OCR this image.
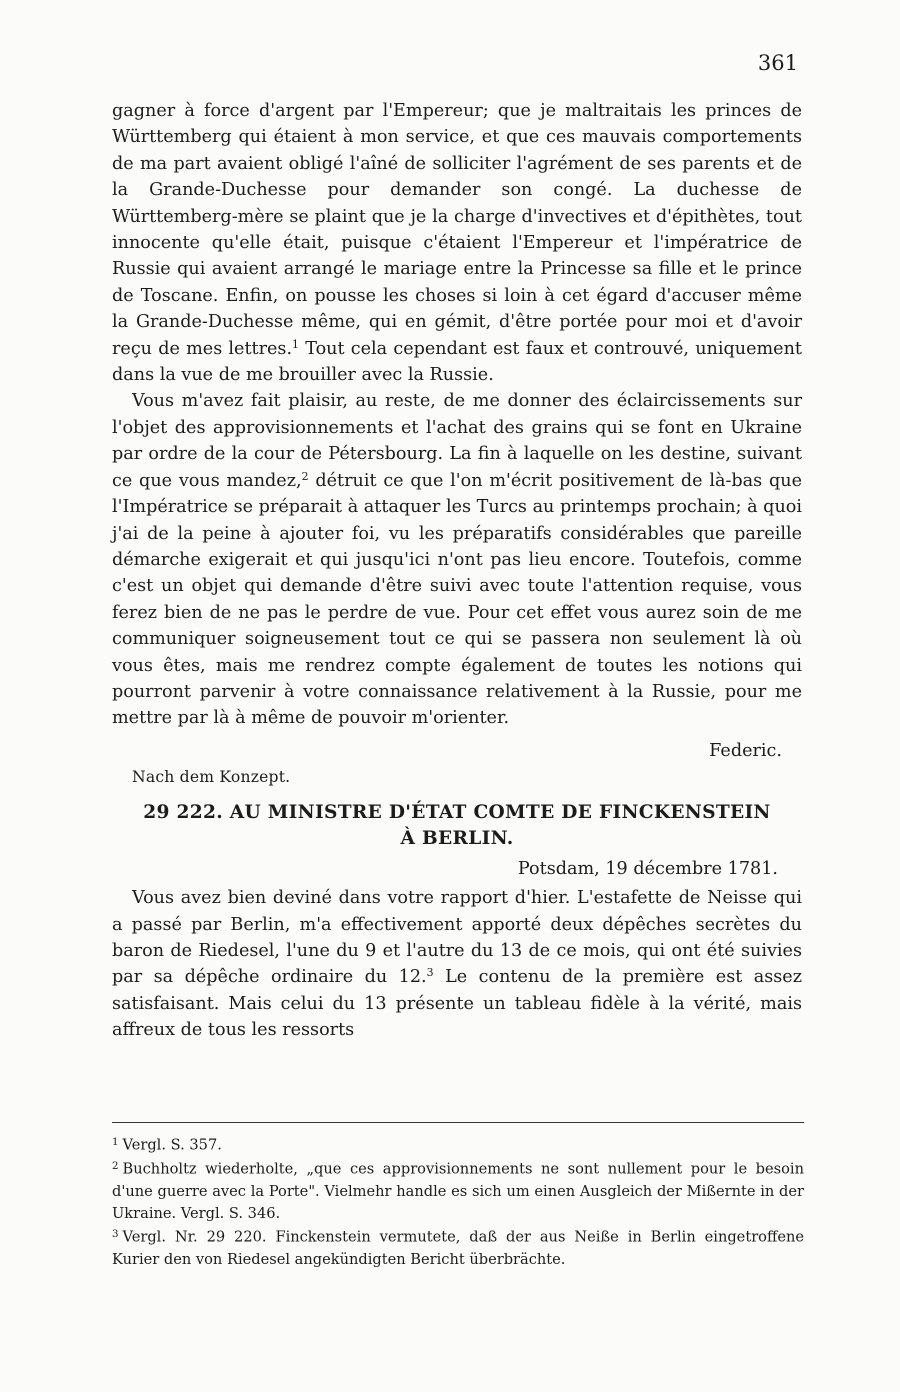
361

gagner à force d'argent par l'Empereur; que je maltraitais les princes de Württemberg qui étaient à mon service, et que ces mauvais comportements de ma part avaient obligé l'aîné de solliciter l'agrément de ses parents et de la Grande-Duchesse pour demander son congé. La duchesse de Württemberg-mère se plaint que je la charge d'invectives et d'épithètes, tout innocente qu'elle était, puisque c'étaient l'Empereur et l'impératrice de Russie qui avaient arrangé le mariage entre la Princesse sa fille et le prince de Toscane. Enfin, on pousse les choses si loin à cet égard d'accuser même la Grande-Duchesse même, qui en gémit, d'être portée pour moi et d'avoir reçu de mes lettres.$^1$ Tout cela cependant est faux et controuvé, uniquement dans la vue de me brouiller avec la Russie.

Vous m'avez fait plaisir, au reste, de me donner des éclaircissements sur l'objet des approvisionnements et l'achat des grains qui se font en Ukraine par ordre de la cour de Pétersbourg. La fin à laquelle on les destine, suivant ce que vous mandez,$^2$ détruit ce que l'on m'écrit positivement de là-bas que l'Impératrice se préparait à attaquer les Turcs au printemps prochain; à quoi j'ai de la peine à ajouter foi, vu les préparatifs considérables que pareille démarche exigerait et qui jusqu'ici n'ont pas lieu encore. Toutefois, comme c'est un objet qui demande d'être suivi avec toute l'attention requise, vous ferez bien de ne pas le perdre de vue. Pour cet effet vous aurez soin de me communiquer soigneusement tout ce qui se passera non seulement là où vous êtes, mais me rendrez compte également de toutes les notions qui pourront parvenir à votre connaissance relativement à la Russie, pour me mettre par là à même de pouvoir m'orienter.

Federic.
Nach dem Konzept.
29 222. AU MINISTRE D'ÉTAT COMTE DE FINCKENSTEIN
À BERLIN.
Potsdam, 19 décembre 1781.

Vous avez bien deviné dans votre rapport d'hier. L'estafette de Neisse qui a passé par Berlin, m'a effectivement apporté deux dépêches secrètes du baron de Riedesel, l'une du 9 et l'autre du 13 de ce mois, qui ont été suivies par sa dépêche ordinaire du 12.$^3$ Le contenu de la première est assez satisfaisant. Mais celui du 13 présente un tableau fidèle à la vérité, mais affreux de tous les ressorts

$^1$ Vergl. S. 357.

$^2$ Buchholtz wiederholte, „que ces approvisionnements ne sont nullement pour le besoin d'une guerre avec la Porte". Vielmehr handle es sich um einen Ausgleich der Mißernte in der Ukraine. Vergl. S. 346.

$^3$ Vergl. Nr. 29 220. Finckenstein vermutete, daß der aus Neiße in Berlin eingetroffene Kurier den von Riedesel angekündigten Bericht überbrächte.
